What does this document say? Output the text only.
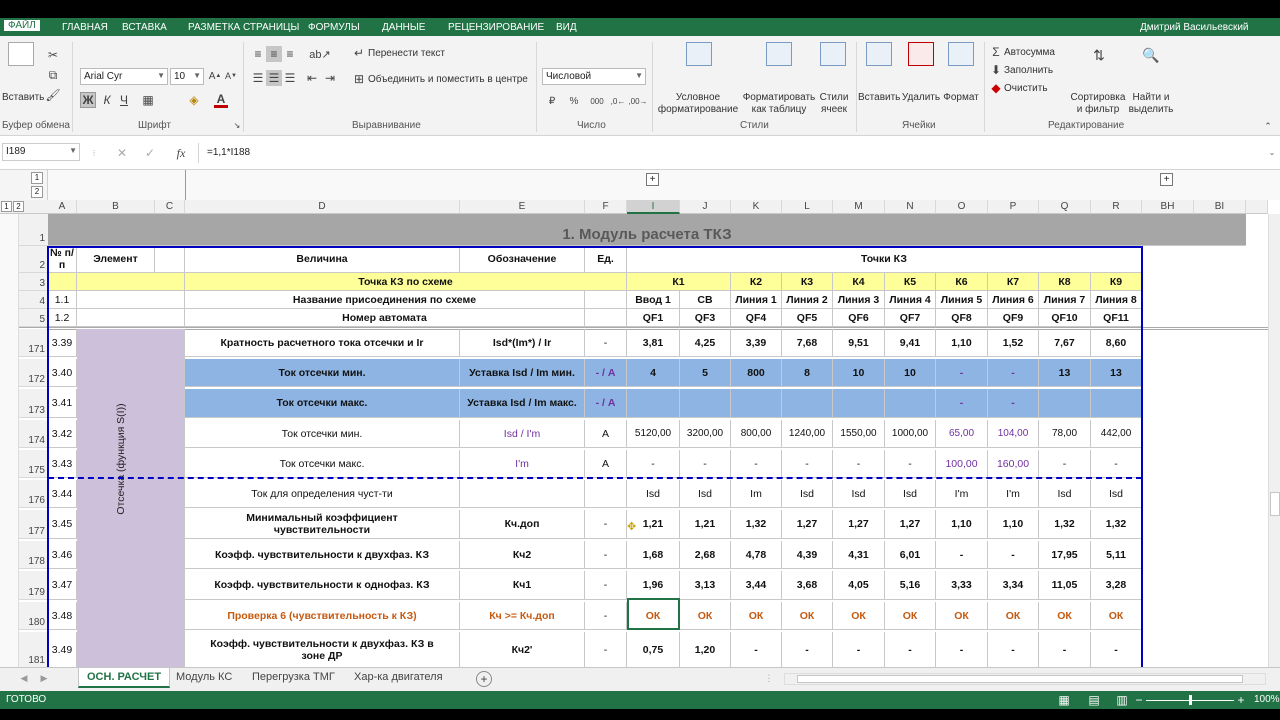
ФАЙЛ	ГЛАВНАЯ ВСТАВКА РАЗМЕТКА СТРАНИЦЫ ФОРМУЛЫ ДАННЫЕ РЕЦЕНЗИРОВАНИЕ ВИД	Дмитрий Васильевский
Вставить
✂
⧉
🖌
Буфер обмена
Arial Cyr	▼ 10 ▼ A ▲ A ▼
Ж К Ч ▦	◈ A
Шрифт	↘
≡ ≡ ≡	ab↗
☰ ☰ ☰ ⇤ ⇥
↵ Перенести текст
⊞ Объединить и поместить в центре
Выравнивание
Числовой	▼
₽	%	000 ,0← ,00→
Число
Условное
форматирование
Форматировать
как таблицу
Стили
ячеек
Стили
Вставить Удалить Формат
Ячейки
Σ Автосумма
⬇ Заполнить
◆ Очистить
⇅
Сортировка
и фильтр
🔍
Найти и
выделить
Редактирование	⌃
I189	▼ ⋮ ✕ ✓	fx	=1,1*I188	⌄
1
2
1 2
+	+
A	B	C	D	E	F	I	J	K	L	M	N	O	P	Q	R	BH	BI
1
2
3
4
5
171
172
173
174
175
176
177
178
179
180
181
1. Модуль расчета ТКЗ
№ п/п	Элемент	Величина	Обозначение	Ед.	Точки КЗ
Точка КЗ по схеме	К1	К2	К3	К4	К5	К6	К7	К8	К9
1.1	Название присоединения по схеме	Ввод 1	СВ	Линия 1 Линия 2 Линия 3 Линия 4 Линия 5 Линия 6 Линия 7 Линия 8
1.2	Номер автомата	QF1	QF3	QF4	QF5	QF6	QF7	QF8	QF9	QF10	QF11
Отсечка (функция S(I))
3.39	Кратность расчетного тока отсечки и Ir	Isd*(Im*) / Ir	-	3,81	4,25	3,39	7,68	9,51	9,41	1,10	1,52	7,67	8,60
3.40	Ток отсечки мин.	Уставка Isd / Im мин.	- / А	4	5	800	8	10	10	-	-	13	13
3.41	Ток отсечки макс.	Уставка Isd / Im макс.	- / А	-	-
3.42	Ток отсечки мин.	Isd / I'm	А	5120,00	3200,00	800,00	1240,00	1550,00	1000,00	65,00	104,00	78,00	442,00
3.43	Ток отсечки макс.	I'm	А	-	-	-	-	-	-	100,00	160,00	-	-
3.44	Ток для определения чуст-ти	Isd	Isd	Im	Isd	Isd	Isd	I'm	I'm	Isd	Isd
3.45	Минимальный коэффициент чувствительности	Кч.доп	-	1,21	1,21	1,32	1,27	1,27	1,27	1,10	1,10	1,32	1,32
3.46	Коэфф. чувствительности к двухфаз. КЗ	Кч2	-	1,68	2,68	4,78	4,39	4,31	6,01	-	-	17,95	5,11
3.47	Коэфф. чувствительности к однофаз. КЗ	Кч1	-	1,96	3,13	3,44	3,68	4,05	5,16	3,33	3,34	11,05	3,28
3.48	Проверка 6 (чувствительность к КЗ)	Кч >= Кч.доп	-	ОК	ОК	ОК	ОК	ОК	ОК	ОК	ОК	ОК	ОК
3.49	Коэфф. чувствительности к двухфаз. КЗ в зоне ДР	Кч2'	-	0,75	1,20	-	-	-	-	-	-	-	-
✥
◀ ▶	ОСН. РАСЧЕТ	Модуль КС	Перегрузка ТМГ	Хар-ка двигателя	+	⋮
ГОТОВО	▦ ▤ ▥ −	+ 100%
